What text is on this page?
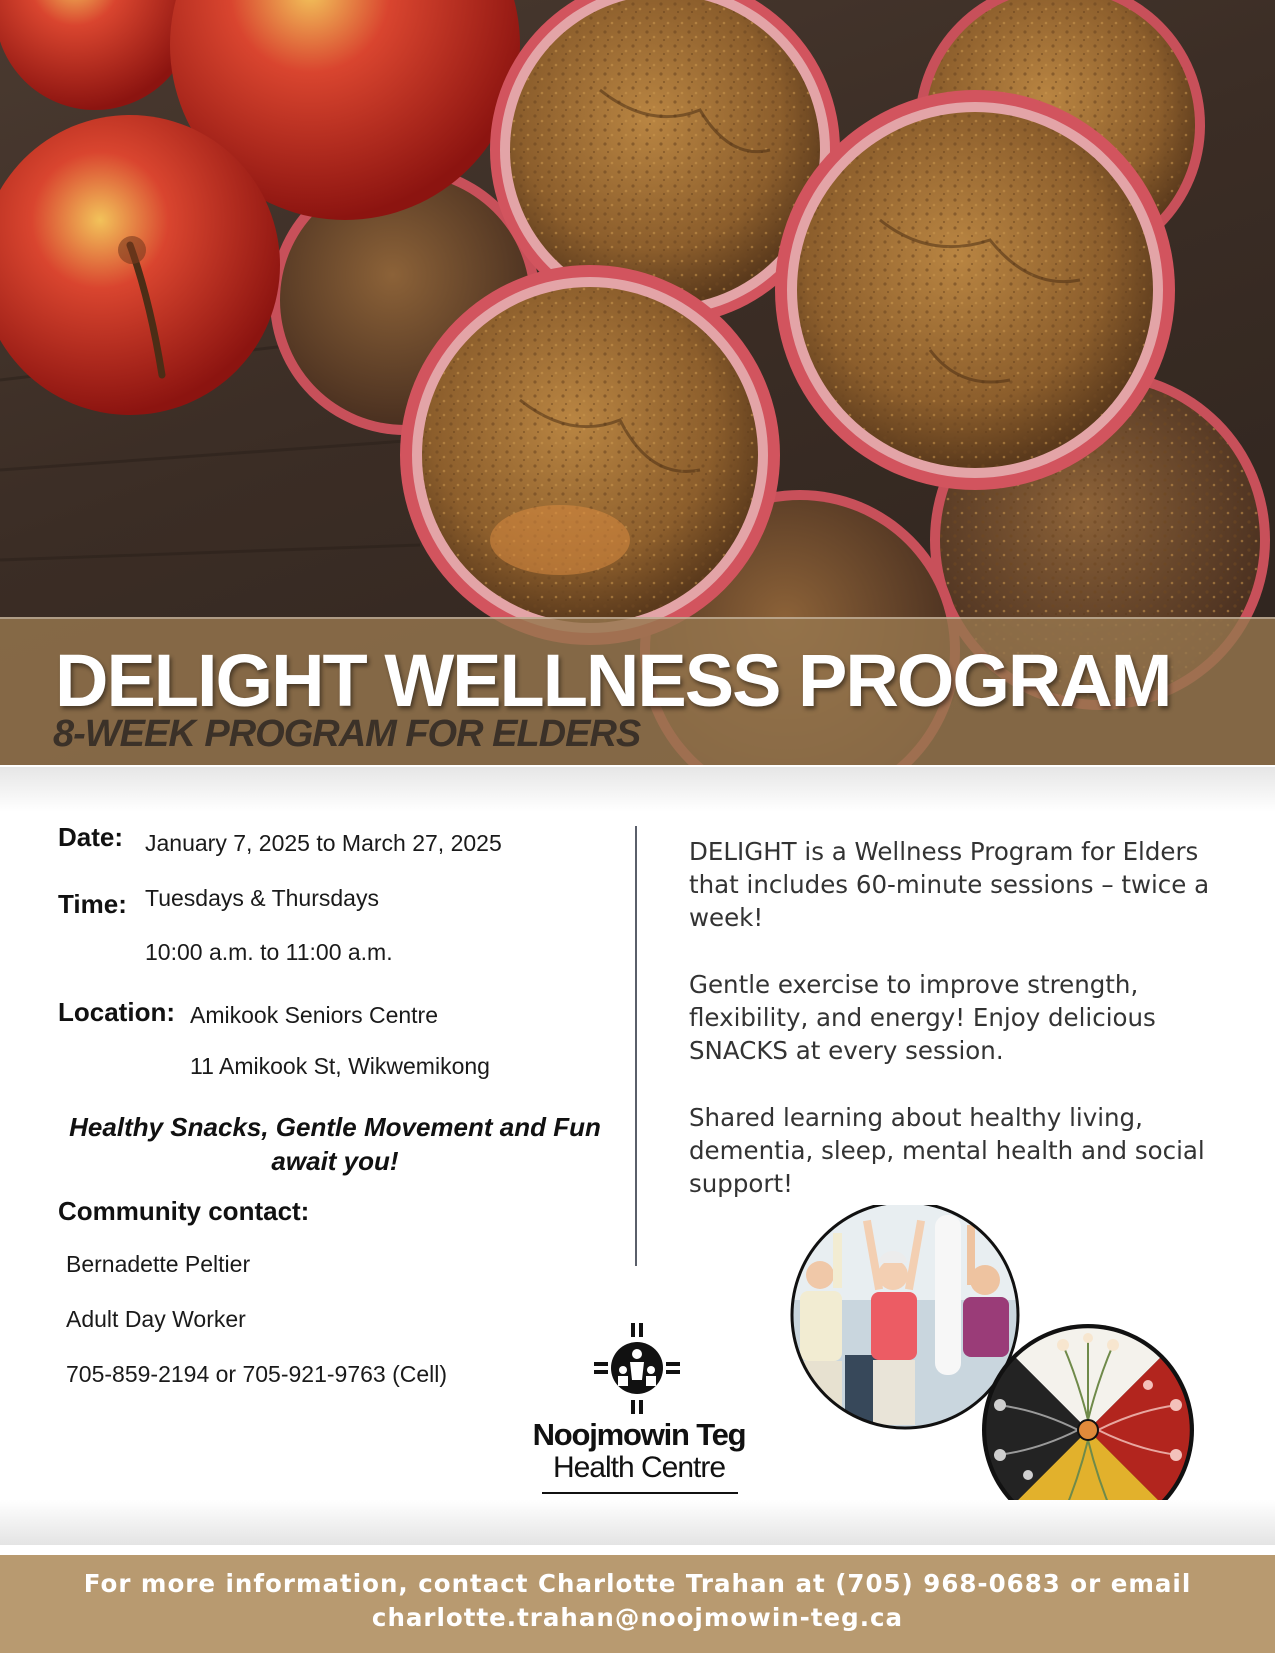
DELIGHT WELLNESS PROGRAM
8-WEEK PROGRAM FOR ELDERS
Date: January 7, 2025 to March 27, 2025
Time: Tuesdays & Thursdays
10:00 a.m. to 11:00 a.m.
Location: Amikook Seniors Centre
11 Amikook St, Wikwemikong
Healthy Snacks, Gentle Movement and Fun
await you!
Community contact:
Bernadette Peltier
Adult Day Worker
705-859-2194 or 705-921-9763 (Cell)

DELIGHT is a Wellness Program for Elders that includes 60-minute sessions – twice a week!

Gentle exercise to improve strength, flexibility, and energy! Enjoy delicious SNACKS at every session.

Shared learning about healthy living, dementia, sleep, mental health and social support!

Noojmowin Teg
Health Centre
For more information, contact Charlotte Trahan at (705) 968-0683 or email
charlotte.trahan@noojmowin-teg.ca
